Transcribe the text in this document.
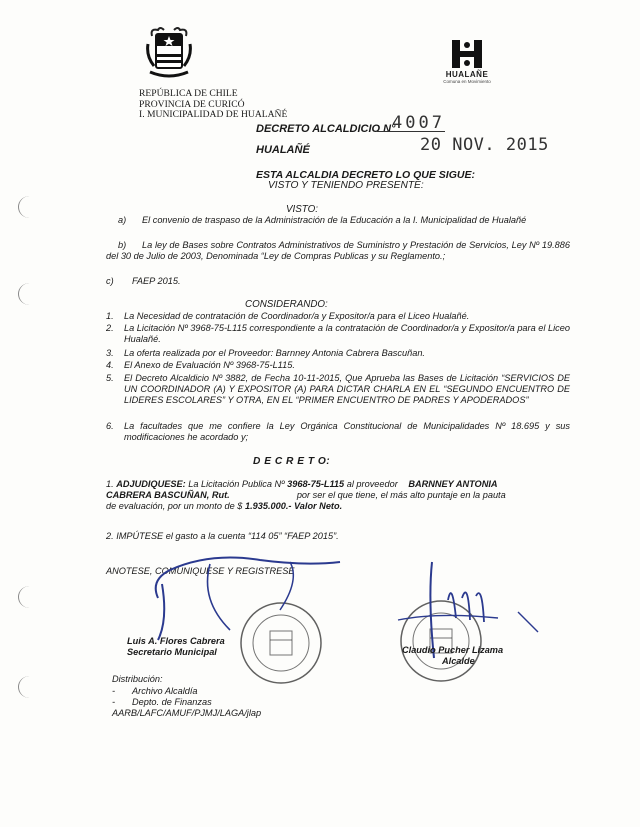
REPÚBLICA DE CHILE
PROVINCIA DE CURICÓ
I. MUNICIPALIDAD DE HUALAÑÉ
HUALAÑE
Comuna en Movimiento
DECRETO ALCALDICIO N°
4007
HUALAÑÉ	20 NOV. 2015
ESTA ALCALDIA DECRETO LO QUE SIGUE:
VISTO Y TENIENDO PRESENTE:
VISTO:
a)	El convenio de traspaso de la Administración de la Educación a la I. Municipalidad de Hualañé
b)	La ley de Bases sobre Contratos Administrativos de Suministro y Prestación de Servicios, Ley Nº 19.886 del 30 de Julio de 2003, Denominada “Ley de Compras Publicas y su Reglamento.;
c) FAEP 2015.
CONSIDERANDO:
1. La Necesidad de contratación de Coordinador/a y Expositor/a para el Liceo Hualañé.
2. La Licitación Nº 3968-75-L115 correspondiente a la contratación de Coordinador/a y Expositor/a para el Liceo Hualañé.
3. La oferta realizada por el Proveedor: Barnney Antonia Cabrera Bascuñan.
4. El Anexo de Evaluación Nº 3968-75-L115.
5. El Decreto Alcaldicio Nº 3882, de Fecha 10-11-2015, Que Aprueba las Bases de Licitación “SERVICIOS DE UN COORDINADOR (A) Y EXPOSITOR (A) PARA DICTAR CHARLA EN EL “SEGUNDO ENCUENTRO DE LIDERES ESCOLARES” Y OTRA, EN EL “PRIMER ENCUENTRO DE PADRES Y APODERADOS”
6. La facultades que me confiere la Ley Orgánica Constitucional de Municipalidades Nº 18.695 y sus modificaciones he acordado y;
D E C R E T O:
1. ADJUDIQUESE: La Licitación Publica Nº 3968-75-L115 al proveedor BARNNEY ANTONIA
CABRERA BASCUÑAN, Rut.	por ser el que tiene, el más alto puntaje en la pauta
de evaluación, por un monto de $ 1.935.000.- Valor Neto.
2. IMPÚTESE el gasto a la cuenta “114 05” “FAEP 2015”.
ANOTESE, COMUNIQUESE Y REGISTRESE
Luis A. Flores Cabrera
Secretario Municipal	Claudio Pucher Lizama
Alcalde
Distribución:
- Archivo Alcaldía
- Depto. de Finanzas
AARB/LAFC/AMUF/PJMJ/LAGA/jlap
